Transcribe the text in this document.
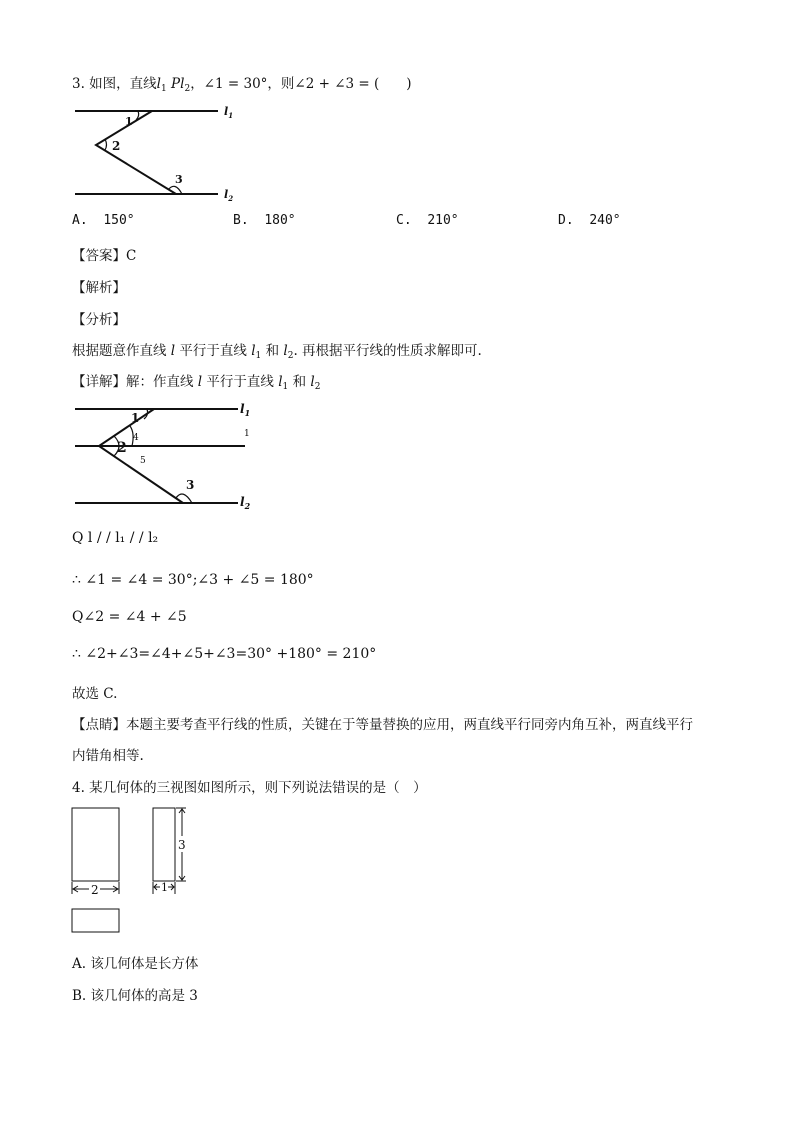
3. 如图，直线$l_1$ $Pl_2$，∠1 = 30°，则∠2 + ∠3 = (　　)
1
2
3
$l_1$
$l_2$
A. 150°	B. 180°	C. 210°	D. 240°
【答案】C
【解析】
【分析】
根据题意作直线 l 平行于直线 $l_1$ 和 $l_2$. 再根据平行线的性质求解即可.
【详解】解：作直线 l 平行于直线 $l_1$ 和 $l_2$
1
2
3
4
5
1
$l_1$
$l_2$
Q l / / l₁ / / l₂
∴ ∠1 = ∠4 = 30°;∠3 + ∠5 = 180°
Q∠2 = ∠4 + ∠5
∴ ∠2+∠3=∠4+∠5+∠3=30° +180° = 210°
故选 C.
【点睛】本题主要考查平行线的性质，关键在于等量替换的应用，两直线平行同旁内角互补，两直线平行
内错角相等.
4. 某几何体的三视图如图所示，则下列说法错误的是（　）
2	1
3
A. 该几何体是长方体
B. 该几何体的高是 3
